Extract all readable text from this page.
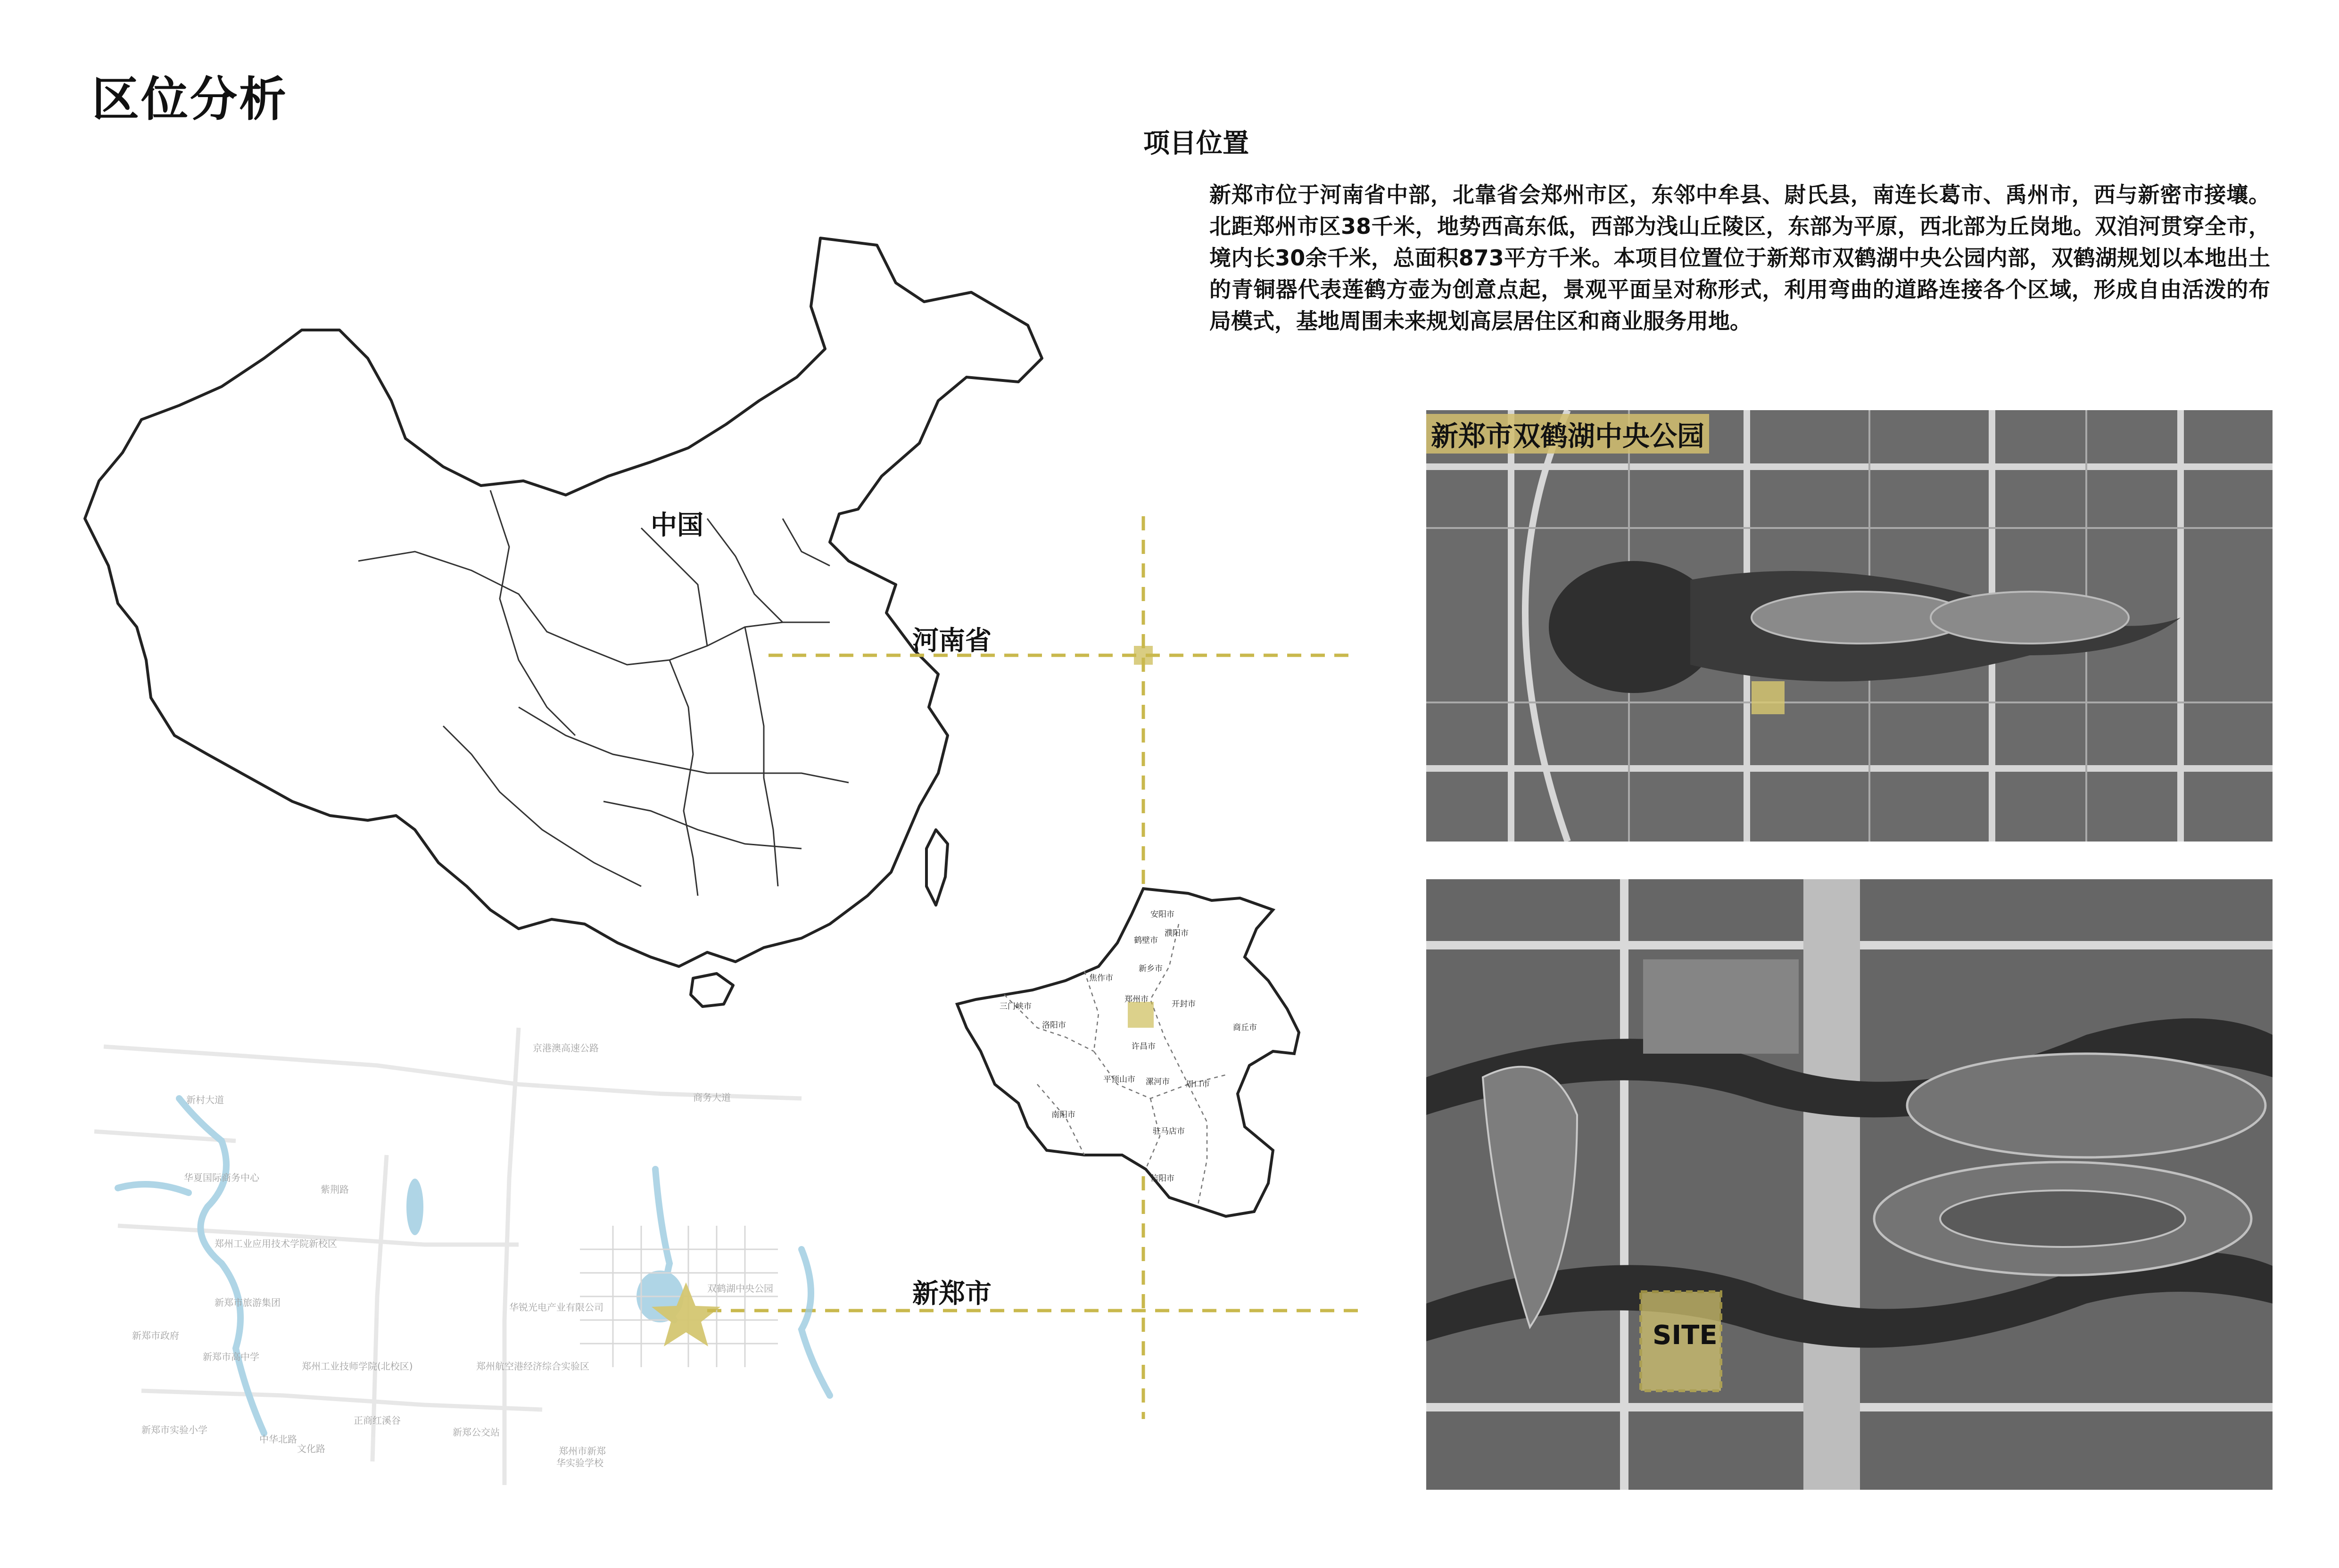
区位分析
项目位置
新郑市位于河南省中部，北靠省会郑州市区，东邻中牟县、尉氏县，南连长葛市、禹州市，西与新密市接壤。北距郑州市区38千米，地势西高东低，西部为浅山丘陵区，东部为平原，西北部为丘岗地。双洎河贯穿全市，境内长30余千米，总面积873平方千米。本项目位置位于新郑市双鹤湖中央公园内部，双鹤湖规划以本地出土的青铜器代表莲鹤方壶为创意点起，景观平面呈对称形式，利用弯曲的道路连接各个区域，形成自由活泼的布局模式，基地周围未来规划高层居住区和商业服务用地。
安阳市
鹤壁市
濮阳市
新乡市
焦作市
三门峡市
洛阳市
郑州市	开封市
商丘市
平顶山市
许昌市
漯河市 周口市
南阳市
驻马店市
信阳市
新村大道
华夏国际商务中心
郑州工业应用技术学院新校区
新郑市旅游集团
郑州工业技师学院(北校区)
新郑市政府
新郑市高中学
京港澳高速公路
紫荆路
华锐光电产业有限公司
郑州航空港经济综合实验区
双鹤湖中央公园
新郑市实验小学
华实验学校
新郑公交站
正商红溪谷
郑州市新郑
中华北路
文化路
商务大道
中国
河南省
新郑市
新郑市双鹤湖中央公园
SITE
